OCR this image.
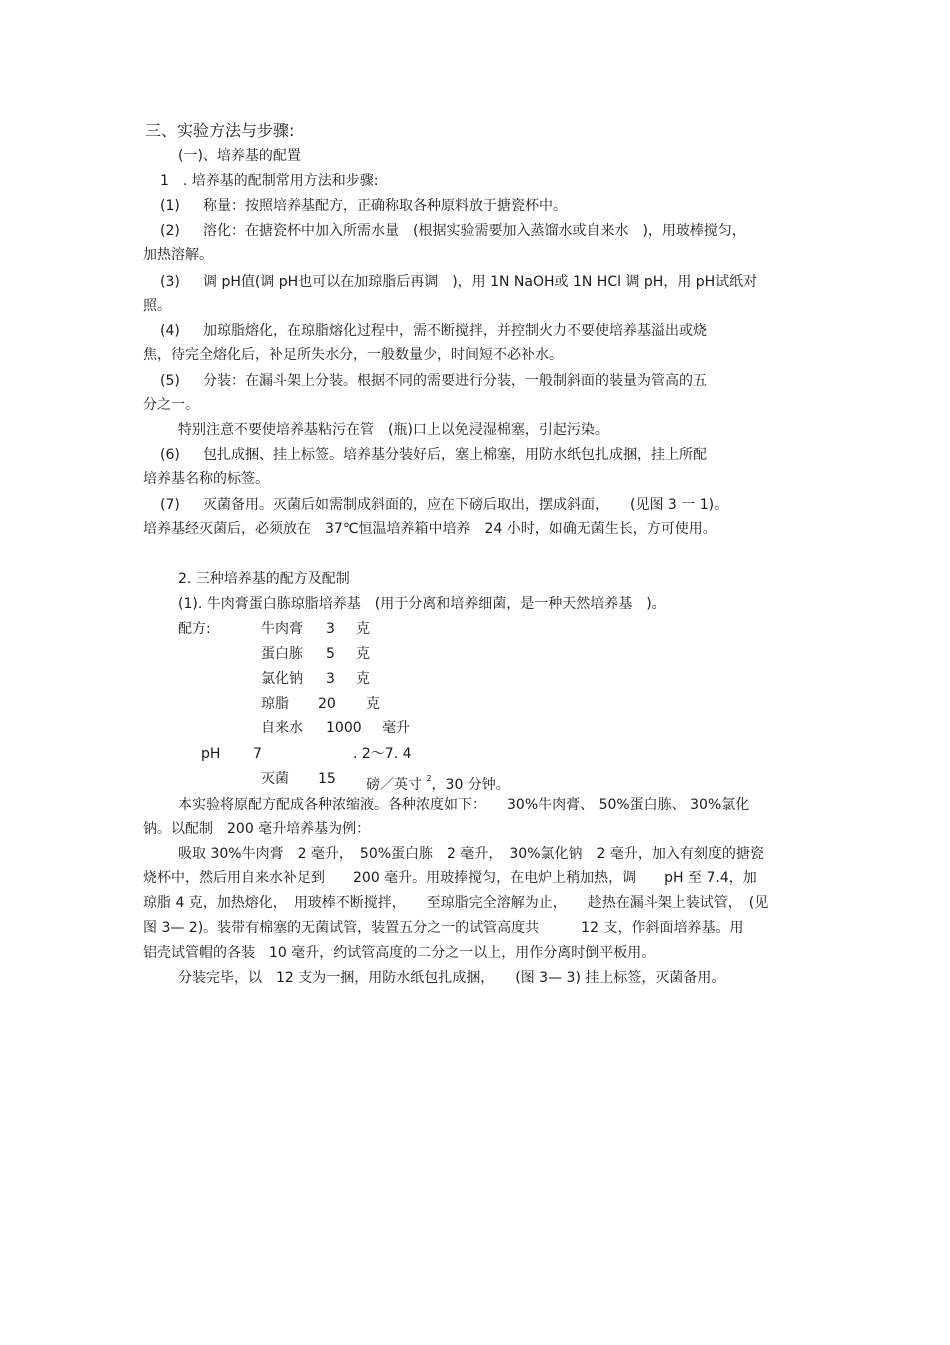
三、实验方法与步骤:
(一)、培养基的配置
1　. 培养基的配制常用方法和步骤:
(1) 称量：按照培养基配方，正确称取各种原料放于搪瓷杯中。
(2) 溶化：在搪瓷杯中加入所需水量　(根据实验需要加入蒸馏水或自来水　)，用玻棒搅匀，
加热溶解。
(3) 调 pH值(调 pH也可以在加琼脂后再调　)，用 1N NaOH或 1N HCl 调 pH，用 pH试纸对
照。
(4) 加琼脂熔化，在琼脂熔化过程中，需不断搅拌，并控制火力不要使培养基溢出或烧
焦，待完全熔化后，补足所失水分，一般数量少，时间短不必补水。
(5) 分装：在漏斗架上分装。根据不同的需要进行分装，一般制斜面的装量为管高的五
分之一。
特别注意不要使培养基粘污在管　(瓶)口上以免浸湿棉塞，引起污染。
(6) 包扎成捆、挂上标签。培养基分装好后，塞上棉塞，用防水纸包扎成捆，挂上所配
培养基名称的标签。
(7) 灭菌备用。灭菌后如需制成斜面的，应在下磅后取出，摆成斜面，　　(见图 3 一 1)。
培养基经灭菌后，必须放在　37℃恒温培养箱中培养　24 小时，如确无菌生长，方可使用。
2. 三种培养基的配方及配制
(1). 牛肉膏蛋白胨琼脂培养基　(用于分离和培养细菌，是一种天然培养基　)。
配方:	牛肉膏 3 克
蛋白胨 5 克
氯化钠 3 克
琼脂 20 克
自来水 1000 毫升
pH 7	. 2～7. 4
灭菌 15 磅／英寸 $^2$，30 分钟。
本实验将原配方配成各种浓缩液。各种浓度如下：　　30%牛肉膏、 50%蛋白胨、 30%氯化
钠。以配制　200 毫升培养基为例：
吸取 30%牛肉膏　2 毫升，　50%蛋白胨　2 毫升，　30%氯化钠　2 毫升，加入有刻度的搪瓷
烧杯中，然后用自来水补足到　　200 毫升。用玻捧搅匀，在电炉上稍加热，调　　pH 至 7.4，加
琼脂 4 克，加热熔化，　用玻棒不断搅拌，　　至琼脂完全溶解为止，　　趁热在漏斗架上装试管，　(见
图 3— 2)。装带有棉塞的无菌试管，装置五分之一的试管高度共　　　12 支，作斜面培养基。用
铝壳试管帽的各装　10 毫升，约试管高度的二分之一以上，用作分离时倒平板用。
分装完毕，以　12 支为一捆，用防水纸包扎成捆，　　(图 3— 3) 挂上标签，灭菌备用。
